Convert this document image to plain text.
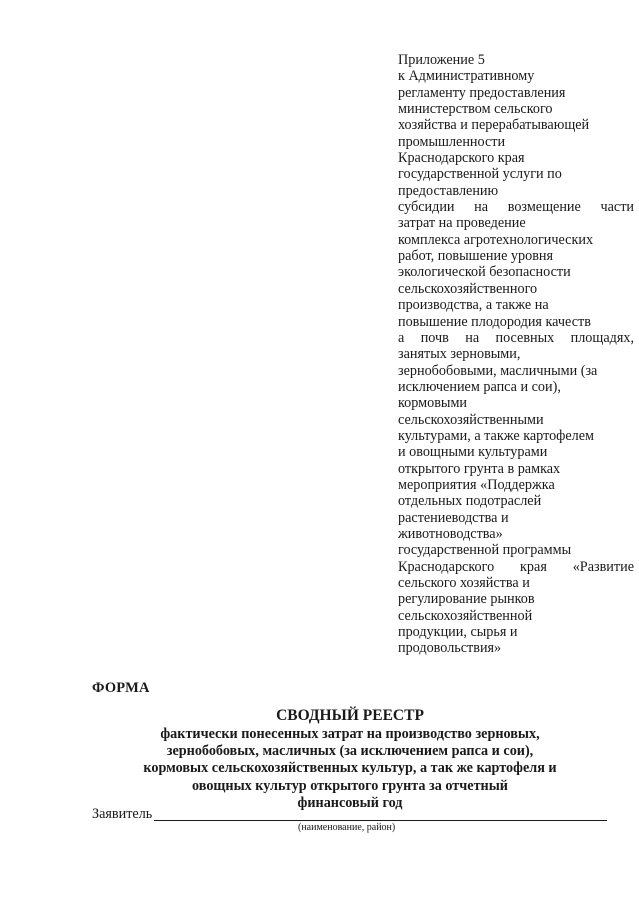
Приложение 5
к Административному
регламенту предоставления
министерством сельского
хозяйства и перерабатывающей
промышленности
Краснодарского края
государственной услуги по
предоставлению
субсидии на возмещение части
затрат на проведение
комплекса агротехнологических
работ, повышение уровня
экологической безопасности
сельскохозяйственного
производства, а также на
повышение плодородия качеств
а почв на посевных площадях,
занятых зерновыми,
зернобобовыми, масличными (за
исключением рапса и сои),
кормовыми
сельскохозяйственными
культурами, а также картофелем
и овощными культурами
открытого грунта в рамках
мероприятия «Поддержка
отдельных подотраслей
растениеводства и
животноводства»
государственной программы
Краснодарского края «Развитие
сельского хозяйства и
регулирование рынков
сельскохозяйственной
продукции, сырья и
продовольствия»
ФОРМА
СВОДНЫЙ РЕЕСТР
фактически понесенных затрат на производство зерновых,
зернобобовых, масличных (за исключением рапса и сои),
кормовых сельскохозяйственных культур, а так же картофеля и
овощных культур открытого грунта за отчетный
финансовый год
Заявитель
(наименование, район)
